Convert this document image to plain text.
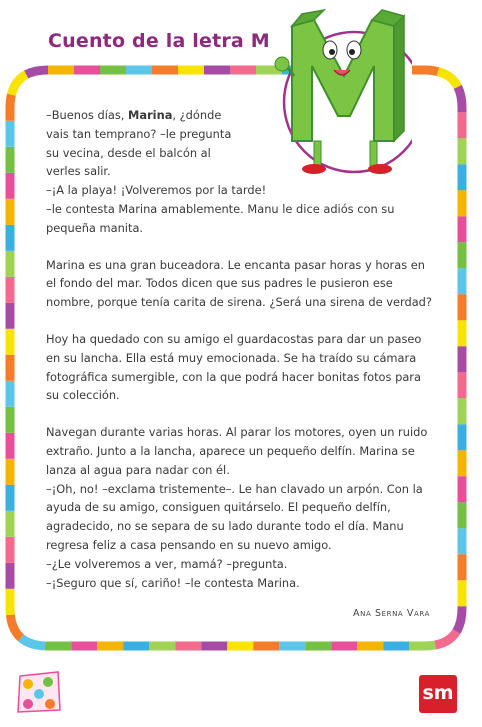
Cuento de la letra M

–Buenos días, Marina, ¿dónde

vais tan temprano? –le pregunta

su vecina, desde el balcón al

verles salir.

–¡A la playa! ¡Volveremos por la tarde!

–le contesta Marina amablemente. Manu le dice adiós con su

pequeña manita.

Marina es una gran buceadora. Le encanta pasar horas y horas en el fondo del mar. Todos dicen que sus padres le pusieron ese nombre, porque tenía carita de sirena. ¿Será una sirena de verdad?

Hoy ha quedado con su amigo el guardacostas para dar un paseo en su lancha. Ella está muy emocionada. Se ha traído su cámara fotográfica sumergible, con la que podrá hacer bonitas fotos para su colección.

Navegan durante varias horas. Al parar los motores, oyen un ruido extraño. Junto a la lancha, aparece un pequeño delfín. Marina se lanza al agua para nadar con él.

–¡Oh, no! –exclama tristemente–. Le han clavado un arpón. Con la ayuda de su amigo, consiguen quitárselo. El pequeño delfín, agradecido, no se separa de su lado durante todo el día. Manu regresa feliz a casa pensando en su nuevo amigo.

–¿Le volveremos a ver, mamá? –pregunta.

–¡Seguro que sí, cariño! –le contesta Marina.

Ana Serna Vara
sm
